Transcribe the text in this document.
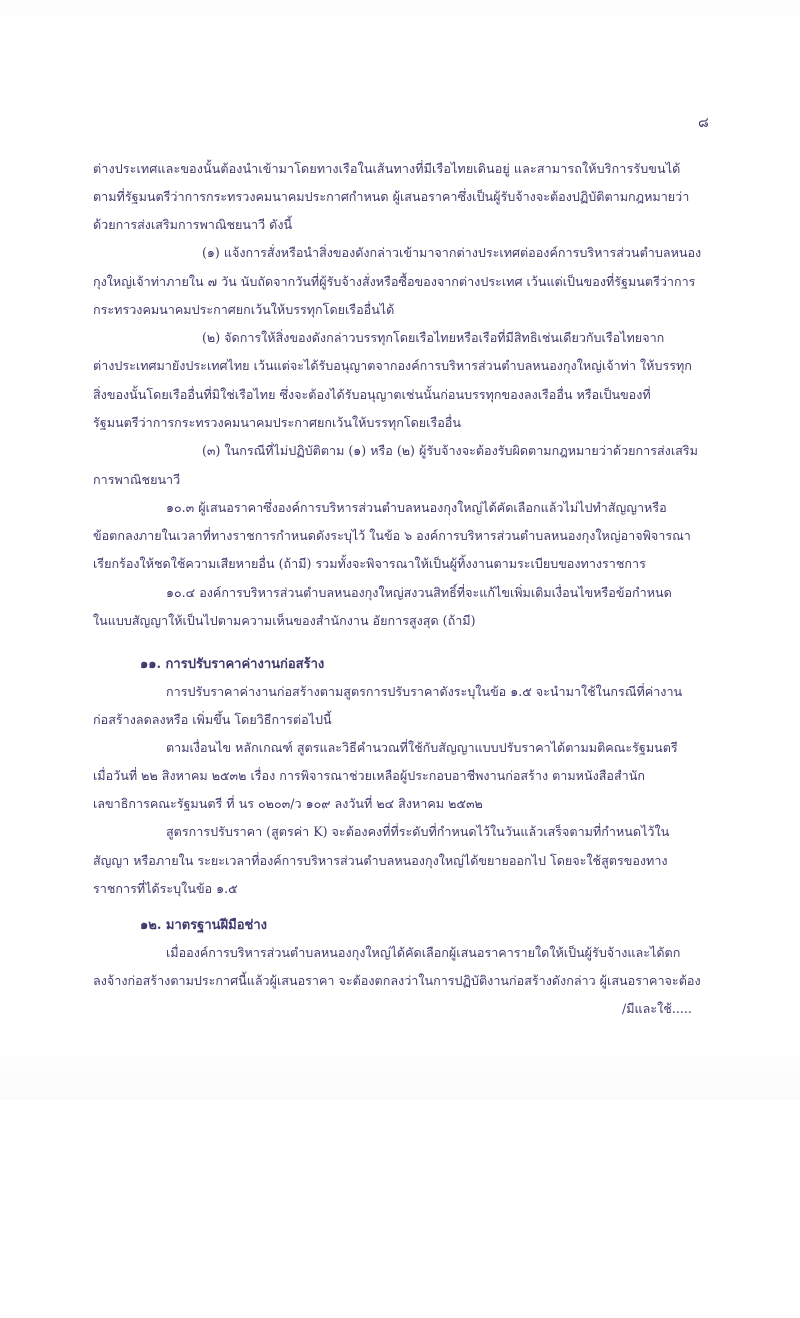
๘
ต่างประเทศและของนั้นต้องนำเข้ามาโดยทางเรือในเส้นทางที่มีเรือไทยเดินอยู่ และสามารถให้บริการรับขนได้
ตามที่รัฐมนตรีว่าการกระทรวงคมนาคมประกาศกำหนด ผู้เสนอราคาซึ่งเป็นผู้รับจ้างจะต้องปฏิบัติตามกฎหมายว่า
ด้วยการส่งเสริมการพาณิชยนาวี ดังนี้
(๑) แจ้งการสั่งหรือนำสิ่งของดังกล่าวเข้ามาจากต่างประเทศต่อองค์การบริหารส่วนตำบลหนอง
กุงใหญ่เจ้าท่าภายใน ๗ วัน นับถัดจากวันที่ผู้รับจ้างสั่งหรือซื้อของจากต่างประเทศ เว้นแต่เป็นของที่รัฐมนตรีว่าการ
กระทรวงคมนาคมประกาศยกเว้นให้บรรทุกโดยเรืออื่นได้
(๒) จัดการให้สิ่งของดังกล่าวบรรทุกโดยเรือไทยหรือเรือที่มีสิทธิเช่นเดียวกับเรือไทยจาก
ต่างประเทศมายังประเทศไทย เว้นแต่จะได้รับอนุญาตจากองค์การบริหารส่วนตำบลหนองกุงใหญ่เจ้าท่า ให้บรรทุก
สิ่งของนั้นโดยเรืออื่นที่มิใช่เรือไทย ซึ่งจะต้องได้รับอนุญาตเช่นนั้นก่อนบรรทุกของลงเรืออื่น หรือเป็นของที่
รัฐมนตรีว่าการกระทรวงคมนาคมประกาศยกเว้นให้บรรทุกโดยเรืออื่น
(๓) ในกรณีที่ไม่ปฏิบัติตาม (๑) หรือ (๒) ผู้รับจ้างจะต้องรับผิดตามกฎหมายว่าด้วยการส่งเสริม
การพาณิชยนาวี
๑๐.๓ ผู้เสนอราคาซึ่งองค์การบริหารส่วนตำบลหนองกุงใหญ่ได้คัดเลือกแล้วไม่ไปทำสัญญาหรือ
ข้อตกลงภายในเวลาที่ทางราชการกำหนดดังระบุไว้ ในข้อ ๖ องค์การบริหารส่วนตำบลหนองกุงใหญ่อาจพิจารณา
เรียกร้องให้ชดใช้ความเสียหายอื่น (ถ้ามี) รวมทั้งจะพิจารณาให้เป็นผู้ทิ้งงานตามระเบียบของทางราชการ
๑๐.๔ องค์การบริหารส่วนตำบลหนองกุงใหญ่สงวนสิทธิ์ที่จะแก้ไขเพิ่มเติมเงื่อนไขหรือข้อกำหนด
ในแบบสัญญาให้เป็นไปตามความเห็นของสำนักงาน อัยการสูงสุด (ถ้ามี)
๑๑. การปรับราคาค่างานก่อสร้าง
การปรับราคาค่างานก่อสร้างตามสูตรการปรับราคาดังระบุในข้อ ๑.๕ จะนำมาใช้ในกรณีที่ค่างาน
ก่อสร้างลดลงหรือ เพิ่มขึ้น โดยวิธีการต่อไปนี้
ตามเงื่อนไข หลักเกณฑ์ สูตรและวิธีคำนวณที่ใช้กับสัญญาแบบปรับราคาได้ตามมติคณะรัฐมนตรี
เมื่อวันที่ ๒๒ สิงหาคม ๒๕๓๒ เรื่อง การพิจารณาช่วยเหลือผู้ประกอบอาชีพงานก่อสร้าง ตามหนังสือสำนัก
เลขาธิการคณะรัฐมนตรี ที่ นร ๐๒๐๓/ว ๑๐๙ ลงวันที่ ๒๔ สิงหาคม ๒๕๓๒
สูตรการปรับราคา (สูตรค่า K) จะต้องคงที่ที่ระดับที่กำหนดไว้ในวันแล้วเสร็จตามที่กำหนดไว้ใน
สัญญา หรือภายใน ระยะเวลาที่องค์การบริหารส่วนตำบลหนองกุงใหญ่ได้ขยายออกไป โดยจะใช้สูตรของทาง
ราชการที่ได้ระบุในข้อ ๑.๕
๑๒. มาตรฐานฝีมือช่าง
เมื่อองค์การบริหารส่วนตำบลหนองกุงใหญ่ได้คัดเลือกผู้เสนอราคารายใดให้เป็นผู้รับจ้างและได้ตก
ลงจ้างก่อสร้างตามประกาศนี้แล้วผู้เสนอราคา จะต้องตกลงว่าในการปฏิบัติงานก่อสร้างดังกล่าว ผู้เสนอราคาจะต้อง
/มีและใช้.....
